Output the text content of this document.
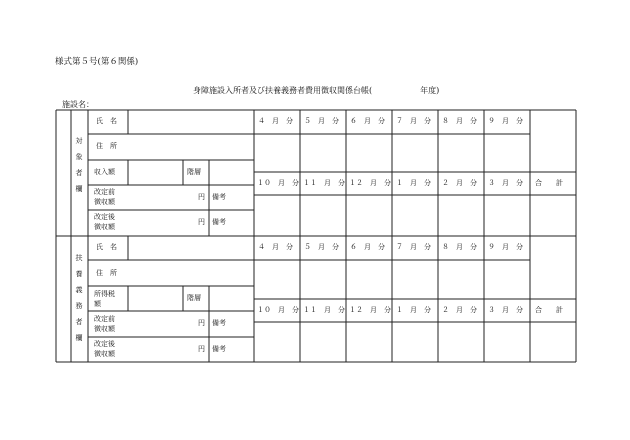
様式第５号(第６関係)
身障施設入所者及び扶養義務者費用徴収関係台帳(	年度)
施設名：
対
象
者
欄
氏　名
住　所
収入額	階層
改定前
徴収額
円 備考
改定後
徴収額
円 備考
４　月　分 ５　月　分 ６　月　分 ７　月　分 ８　月　分 ９　月　分
１０　月　分 １１　月　分 １２　月　分 １　月　分 ２　月　分 ３　月　分 合　　計
扶
養
義
務
者
欄
氏　名
住　所
所得税
額
階層
改定前
徴収額
円 備考
改定後
徴収額
円 備考
４　月　分 ５　月　分 ６　月　分 ７　月　分 ８　月　分 ９　月　分
１０　月　分 １１　月　分 １２　月　分 １　月　分 ２　月　分 ３　月　分 合　　計
